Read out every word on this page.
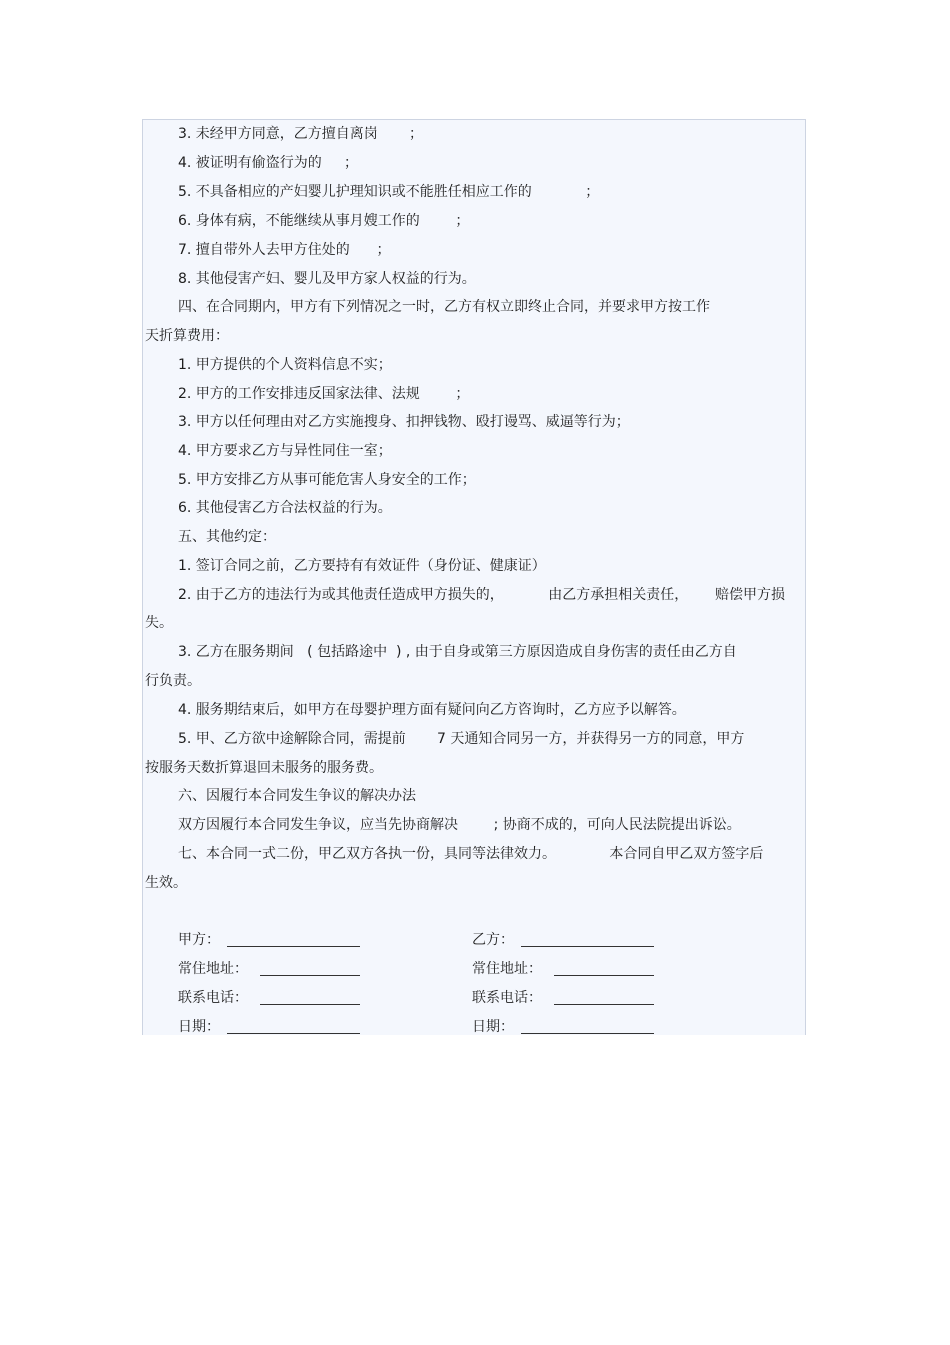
3. 未经甲方同意，乙方擅自离岗       ；
4. 被证明有偷盗行为的     ；
5. 不具备相应的产妇婴儿护理知识或不能胜任相应工作的            ；
6. 身体有病，不能继续从事月嫂工作的        ；
7. 擅自带外人去甲方住处的      ；
8. 其他侵害产妇、婴儿及甲方家人权益的行为。
四、在合同期内，甲方有下列情况之一时，乙方有权立即终止合同，并要求甲方按工作
天折算费用：
1. 甲方提供的个人资料信息不实；
2. 甲方的工作安排违反国家法律、法规        ；
3. 甲方以任何理由对乙方实施搜身、扣押钱物、殴打谩骂、威逼等行为；
4. 甲方要求乙方与异性同住一室；
5. 甲方安排乙方从事可能危害人身安全的工作；
6. 其他侵害乙方合法权益的行为。
五、其他约定：
1. 签订合同之前，乙方要持有有效证件（身份证、健康证）
2. 由于乙方的违法行为或其他责任造成甲方损失的，          由乙方承担相关责任，      赔偿甲方损
失。
3. 乙方在服务期间   ( 包括路途中  ) , 由于自身或第三方原因造成自身伤害的责任由乙方自
行负责。
4. 服务期结束后，如甲方在母婴护理方面有疑问向乙方咨询时，乙方应予以解答。
5. 甲、乙方欲中途解除合同，需提前       7 天通知合同另一方，并获得另一方的同意，甲方
按服务天数折算退回未服务的服务费。
六、因履行本合同发生争议的解决办法
双方因履行本合同发生争议，应当先协商解决        ; 协商不成的，可向人民法院提出诉讼。
七、本合同一式二份，甲乙双方各执一份，具同等法律效力。            本合同自甲乙双方签字后
生效。
甲方：	乙方：
常住地址：	常住地址：
联系电话：	联系电话：
日期：	日期：
